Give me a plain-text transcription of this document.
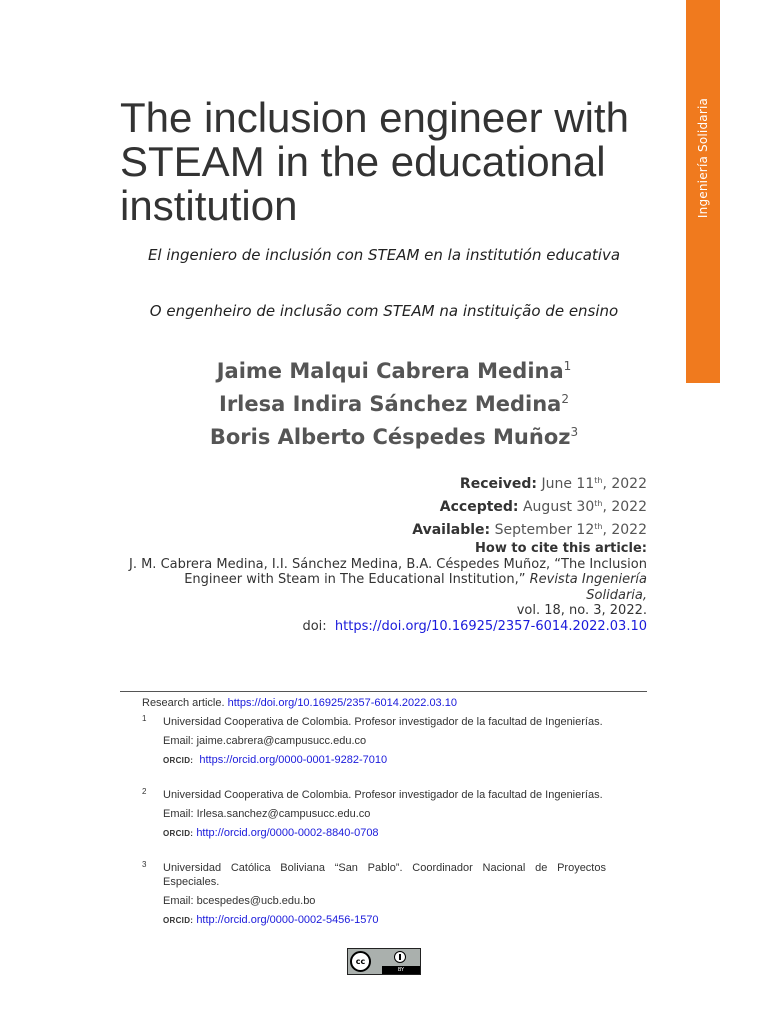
Ingeniería Solidaria
The inclusion engineer with STEAM in the educational institution
El ingeniero de inclusión con STEAM en la institutión educativa
O engenheiro de inclusão com STEAM na instituição de ensino
Jaime Malqui Cabrera Medina$^1$
Irlesa Indira Sánchez Medina$^2$
Boris Alberto Céspedes Muñoz$^3$
Received: June 11th, 2022
Accepted: August 30th, 2022
Available: September 12th, 2022
How to cite this article:
J. M. Cabrera Medina, I.I. Sánchez Medina, B.A. Céspedes Muñoz, “The Inclusion
Engineer with Steam in The Educational Institution,” Revista Ingeniería Solidaria,
vol. 18, no. 3, 2022.
doi: https://doi.org/10.16925/2357-6014.2022.03.10
Research article. https://doi.org/10.16925/2357-6014.2022.03.10
1 Universidad Cooperativa de Colombia. Profesor investigador de la facultad de Ingenierías.
Email: jaime.cabrera@campusucc.edu.co
ORCID: https://orcid.org/0000-0001-9282-7010
2 Universidad Cooperativa de Colombia. Profesor investigador de la facultad de Ingenierías.
Email: Irlesa.sanchez@campusucc.edu.co
ORCID: http://orcid.org/0000-0002-8840-0708
3 Universidad Católica Boliviana “San Pablo”. Coordinador Nacional de Proyectos Especiales.
Email: bcespedes@ucb.edu.bo
ORCID: http://orcid.org/0000-0002-5456-1570
cc
BY
